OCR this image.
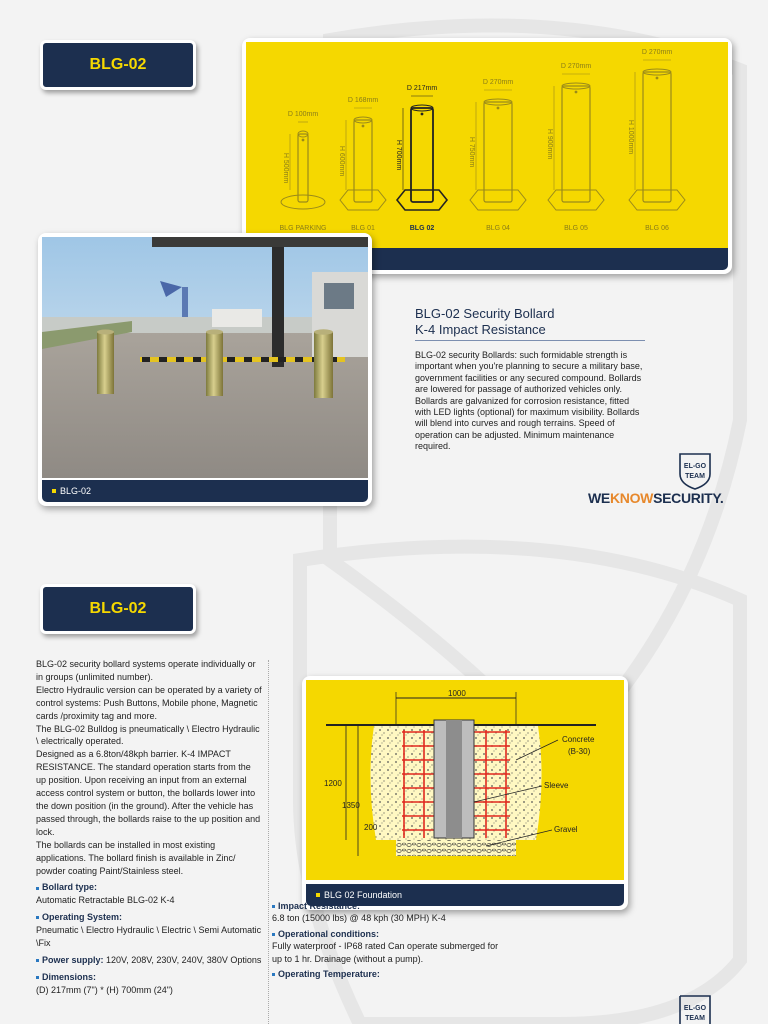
BLG-02
D 100mm
H 500mm
BLG PARKING
D 168mm
H 600mm
BLG 01
D 217mm
H 700mm
BLG 02
D 270mm
H 750mm
BLG 04
D 270mm
H 900mm
BLG 05
D 270mm
H 1000mm
BLG 06
BLG-02
BLG-02 Security Bollard
K-4 Impact Resistance
BLG-02 security Bollards: such formidable strength is important when you're planning to secure a military base, government facilities or any secured compound. Bollards are lowered for passage of authorized vehicles only. Bollards are galvanized for corrosion resistance, fitted with LED lights (optional) for maximum visibility. Bollards will blend into curves and rough terrains. Speed of operation can be adjusted. Minimum maintenance required.
EL-GO
TEAM
WEKNOWSECURITY.
BLG-02
BLG-02 security bollard systems operate individually or in groups (unlimited number).
Electro Hydraulic version can be operated by a variety of control systems: Push Buttons, Mobile phone, Magnetic cards /proximity tag and more.
The BLG-02 Bulldog is pneumatically \ Electro Hydraulic \ electrically operated.
Designed as a 6.8ton/48kph barrier. K-4 IMPACT RESISTANCE. The standard operation starts from the up position. Upon receiving an input from an external access control system or button, the bollards lower into the down position (in the ground). After the vehicle has passed through, the bollards raise to the up position and lock.
The bollards can be installed in most existing applications. The bollard finish is available in Zinc/ powder coating Paint/Stainless steel.
Bollard type:
Automatic Retractable BLG-02 K-4
Operating System:
Pneumatic \ Electro Hydraulic \ Electric \ Semi Automatic \Fix
Power supply: 120V, 208V, 230V, 240V, 380V Options
Dimensions:
(D) 217mm (7") * (H) 700mm (24")
1000
1200
1350
200
Concrete
(B-30)
Sleeve
Gravel
BLG 02 Foundation
Impact Resistance:
6.8 ton (15000 lbs) @ 48 kph (30 MPH) K-4
Operational conditions:
Fully waterproof - IP68 rated Can operate submerged for up to 1 hr. Drainage (without a pump).
Operating Temperature:
EL-GO
TEAM
